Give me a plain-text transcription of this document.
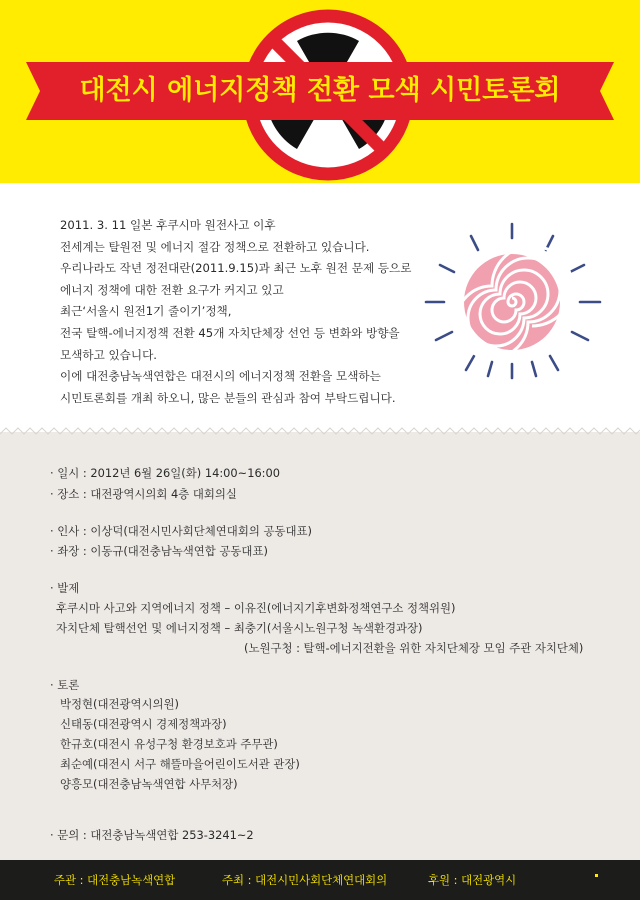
대전시 에너지정책 전환 모색 시민토론회

2011. 3. 11 일본 후쿠시마 원전사고 이후

전세계는 탈원전 및 에너지 절감 정책으로 전환하고 있습니다.

우리나라도 작년 정전대란(2011.9.15)과 최근 노후 원전 문제 등으로

에너지 정책에 대한 전환 요구가 커지고 있고

최근‘서울시 원전1기 줄이기’정책,

전국 탈핵-에너지정책 전환 45개 자치단체장 선언 등 변화와 방향을

모색하고 있습니다.

이에 대전충남녹색연합은 대전시의 에너지정책 전환을 모색하는

시민토론회를 개최 하오니, 많은 분들의 관심과 참여 부탁드립니다.

· 일시 : 2012년 6월 26일(화) 14:00~16:00
· 장소 : 대전광역시의회 4층 대회의실
· 인사 : 이상덕(대전시민사회단체연대회의 공동대표)
· 좌장 : 이동규(대전충남녹색연합 공동대표)
· 발제
후쿠시마 사고와 지역에너지 정책 – 이유진(에너지기후변화정책연구소 정책위원)
자치단체 탈핵선언 및 에너지정책 – 최충기(서울시노원구청 녹색환경과장)
(노원구청 : 탈핵-에너지전환을 위한 자치단체장 모임 주관 자치단체)
· 토론
박정현(대전광역시의원)
신태동(대전광역시 경제정책과장)
한규호(대전시 유성구청 환경보호과 주무관)
최순예(대전시 서구 해뜰마을어린이도서관 관장)
양흥모(대전충남녹색연합 사무처장)
· 문의 : 대전충남녹색연합 253-3241~2
주관 : 대전충남녹색연합	주최 : 대전시민사회단체연대회의	후원 : 대전광역시
